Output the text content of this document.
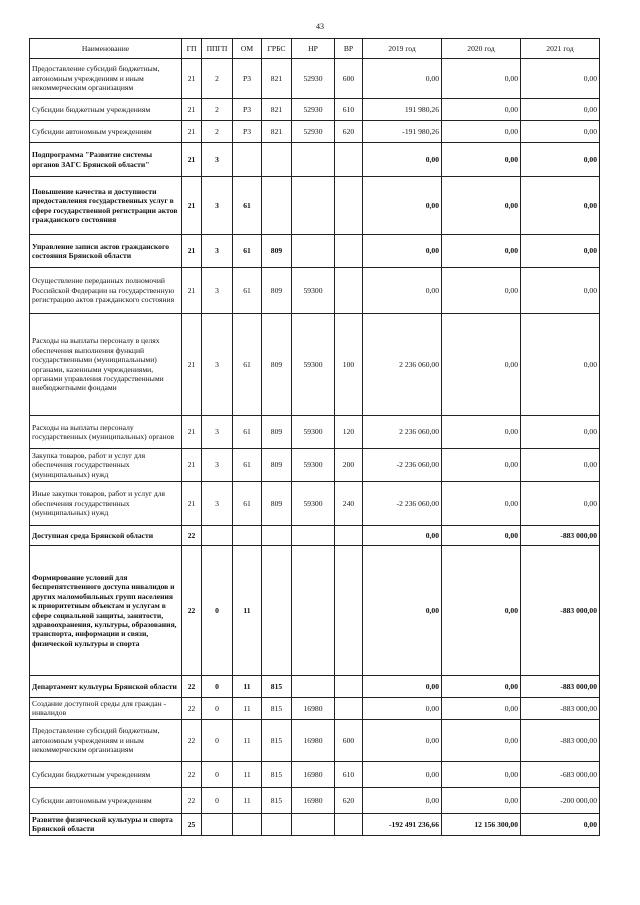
43
Наименование	ГП	ППГП	ОМ	ГРБС	НР	ВР	2019 год	2020 год	2021 год
Предоставление субсидий бюджетным, автономным учреждениям и иным некоммерческим организациям	21	2	Р3	821	52930	600	0,00	0,00	0,00
Субсидии бюджетным учреждениям	21	2	Р3	821	52930	610	191 980,26	0,00	0,00
Субсидии автономным учреждениям	21	2	Р3	821	52930	620	-191 980,26	0,00	0,00
Подпрограмма "Развитие системы органов ЗАГС Брянской области"	21	3					0,00	0,00	0,00
Повышение качества и доступности предоставления государственных услуг в сфере государственной регистрации актов гражданского состояния	21	3	61				0,00	0,00	0,00
Управление записи актов гражданского состояния Брянской области	21	3	61	809			0,00	0,00	0,00
Осуществление переданных полномочий Российской Федерации на государственную регистрацию актов гражданского состояния	21	3	61	809	59300		0,00	0,00	0,00
Расходы на выплаты персоналу в целях обеспечения выполнения функций государственными (муниципальными) органами, казенными учреждениями, органами управления государственными внебюджетными фондами	21	3	61	809	59300	100	2 236 060,00	0,00	0,00
Расходы на выплаты персоналу государственных (муниципальных) органов	21	3	61	809	59300	120	2 236 060,00	0,00	0,00
Закупка товаров, работ и услуг для обеспечения государственных (муниципальных) нужд	21	3	61	809	59300	200	-2 236 060,00	0,00	0,00
Иные закупки товаров, работ и услуг для обеспечения государственных (муниципальных) нужд	21	3	61	809	59300	240	-2 236 060,00	0,00	0,00
Доступная среда Брянской области	22						0,00	0,00	-883 000,00
Формирование условий для беспрепятственного доступа инвалидов и других маломобильных групп населения к приоритетным объектам и услугам в сфере социальной защиты, занятости, здравоохранения, культуры, образования, транспорта, информации и связи, физической культуры и спорта	22	0	11				0,00	0,00	-883 000,00
Департамент культуры Брянской области	22	0	11	815			0,00	0,00	-883 000,00
Создание доступной среды для граждан - инвалидов	22	0	11	815	16980		0,00	0,00	-883 000,00
Предоставление субсидий бюджетным, автономным учреждениям и иным некоммерческим организациям	22	0	11	815	16980	600	0,00	0,00	-883 000,00
Субсидии бюджетным учреждениям	22	0	11	815	16980	610	0,00	0,00	-683 000,00
Субсидии автономным учреждениям	22	0	11	815	16980	620	0,00	0,00	-200 000,00
Развитие физической культуры и спорта Брянской области	25						-192 491 236,66	12 156 300,00	0,00
